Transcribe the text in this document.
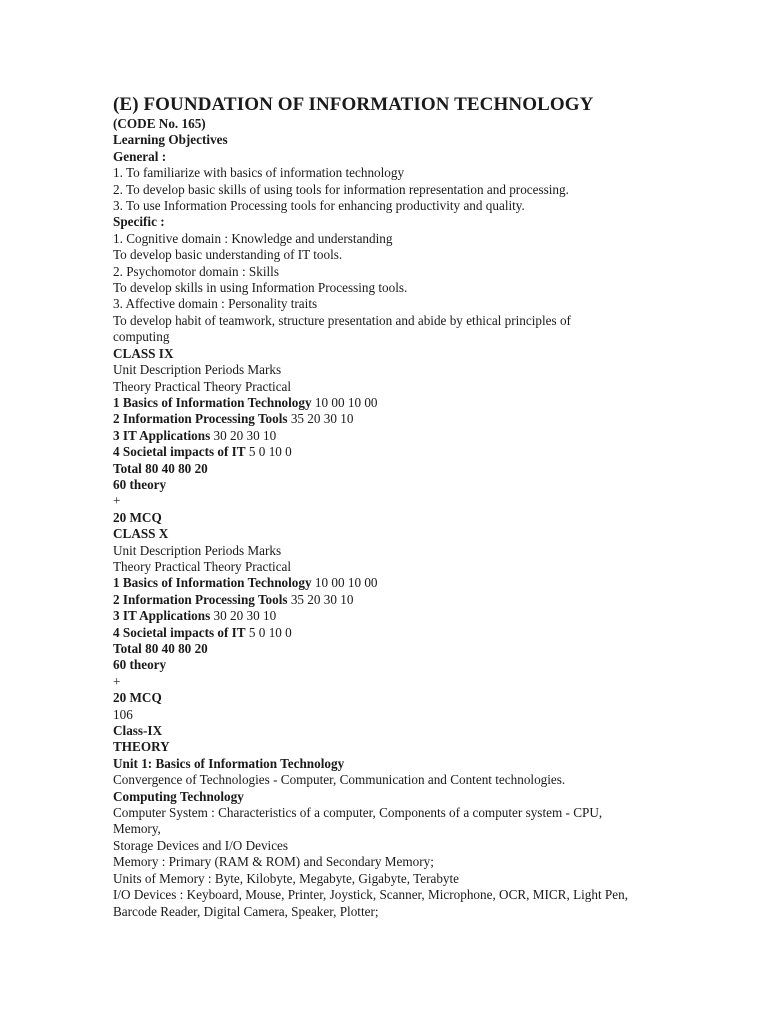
(E) FOUNDATION OF INFORMATION TECHNOLOGY
(CODE No. 165)
Learning Objectives
General :
1. To familiarize with basics of information technology
2. To develop basic skills of using tools for information representation and processing.
3. To use Information Processing tools for enhancing productivity and quality.
Specific :
1. Cognitive domain : Knowledge and understanding
To develop basic understanding of IT tools.
2. Psychomotor domain : Skills
To develop skills in using Information Processing tools.
3. Affective domain : Personality traits
To develop habit of teamwork, structure presentation and abide by ethical principles of computing
CLASS IX
Unit Description Periods Marks
Theory Practical Theory Practical
1 Basics of Information Technology 10 00 10 00
2 Information Processing Tools 35 20 30 10
3 IT Applications 30 20 30 10
4 Societal impacts of IT 5 0 10 0
Total 80 40 80 20
60 theory
+
20 MCQ
CLASS X
Unit Description Periods Marks
Theory Practical Theory Practical
1 Basics of Information Technology 10 00 10 00
2 Information Processing Tools 35 20 30 10
3 IT Applications 30 20 30 10
4 Societal impacts of IT 5 0 10 0
Total 80 40 80 20
60 theory
+
20 MCQ
106
Class-IX
THEORY
Unit 1: Basics of Information Technology
Convergence of Technologies - Computer, Communication and Content technologies.
Computing Technology
Computer System : Characteristics of a computer, Components of a computer system - CPU,
Memory,
Storage Devices and I/O Devices
Memory : Primary (RAM & ROM) and Secondary Memory;
Units of Memory : Byte, Kilobyte, Megabyte, Gigabyte, Terabyte
I/O Devices : Keyboard, Mouse, Printer, Joystick, Scanner, Microphone, OCR, MICR, Light Pen,
Barcode Reader, Digital Camera, Speaker, Plotter;
